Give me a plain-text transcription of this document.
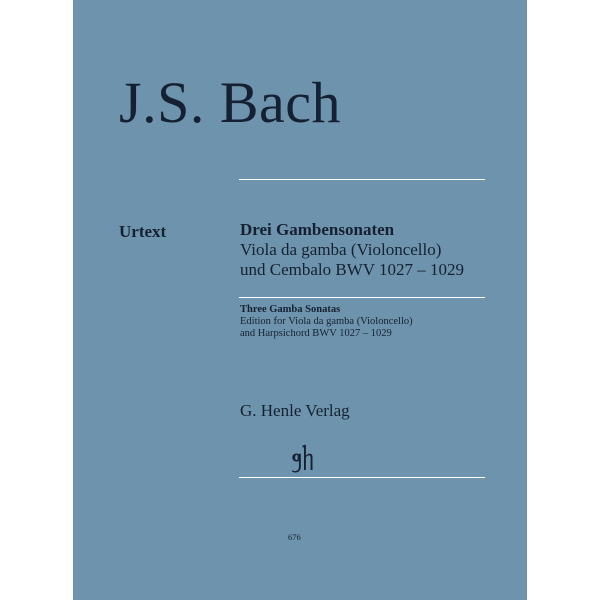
J.S. Bach
Urtext	Drei Gambensonaten
Viola da gamba (Violoncello)
und Cembalo BWV 1027 – 1029
Three Gamba Sonatas
Edition for Viola da gamba (Violoncello)
and Harpsichord BWV 1027 – 1029
G. Henle Verlag
676
